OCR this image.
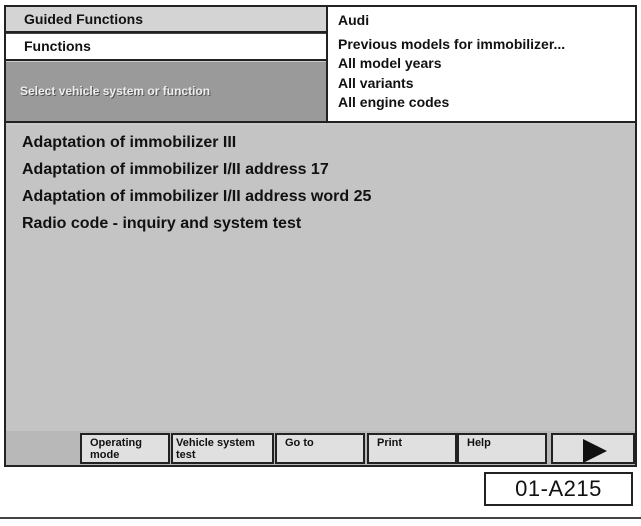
Guided Functions
Functions
Select vehicle system or function
Audi
Previous models for immobilizer...
All model years
All variants
All engine codes
Adaptation of immobilizer III
Adaptation of immobilizer I/II address 17
Adaptation of immobilizer I/II address word 25
Radio code - inquiry and system test
Operating
mode
Vehicle system
test
Go to	Print	Help

01-A215
